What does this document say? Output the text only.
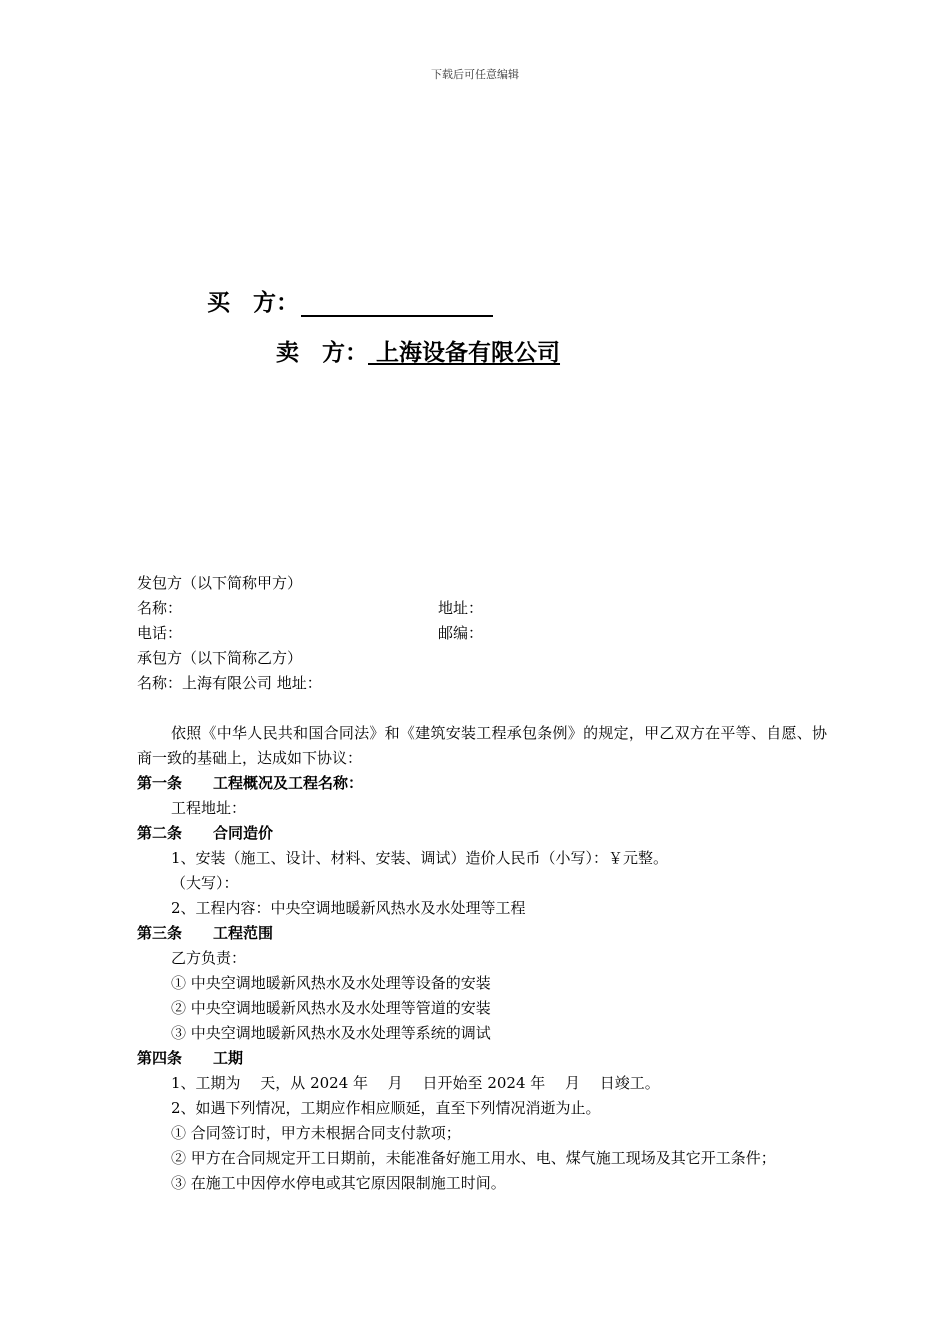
下载后可任意编辑
买　方：
卖　方： 上海设备有限公司
发包方（以下简称甲方）
名称：	地址：
电话：	邮编：
承包方（以下简称乙方）
名称：上海有限公司 地址：
依照《中华人民共和国合同法》和《建筑安装工程承包条例》的规定，甲乙双方在平等、自愿、协商一致的基础上，达成如下协议：
第一条 工程概况及工程名称：
工程地址：
第二条 合同造价
1、安装（施工、设计、材料、安装、调试）造价人民币（小写）：￥元整。
（大写）：
2、工程内容：中央空调地暖新风热水及水处理等工程
第三条 工程范围
乙方负责：
① 中央空调地暖新风热水及水处理等设备的安装
② 中央空调地暖新风热水及水处理等管道的安装
③ 中央空调地暖新风热水及水处理等系统的调试
第四条 工期
1、工期为　 天，从 2024 年　 月　 日开始至 2024 年　 月　 日竣工。
2、如遇下列情况，工期应作相应顺延，直至下列情况消逝为止。
① 合同签订时，甲方未根据合同支付款项；
② 甲方在合同规定开工日期前，未能准备好施工用水、电、煤气施工现场及其它开工条件；
③ 在施工中因停水停电或其它原因限制施工时间。
